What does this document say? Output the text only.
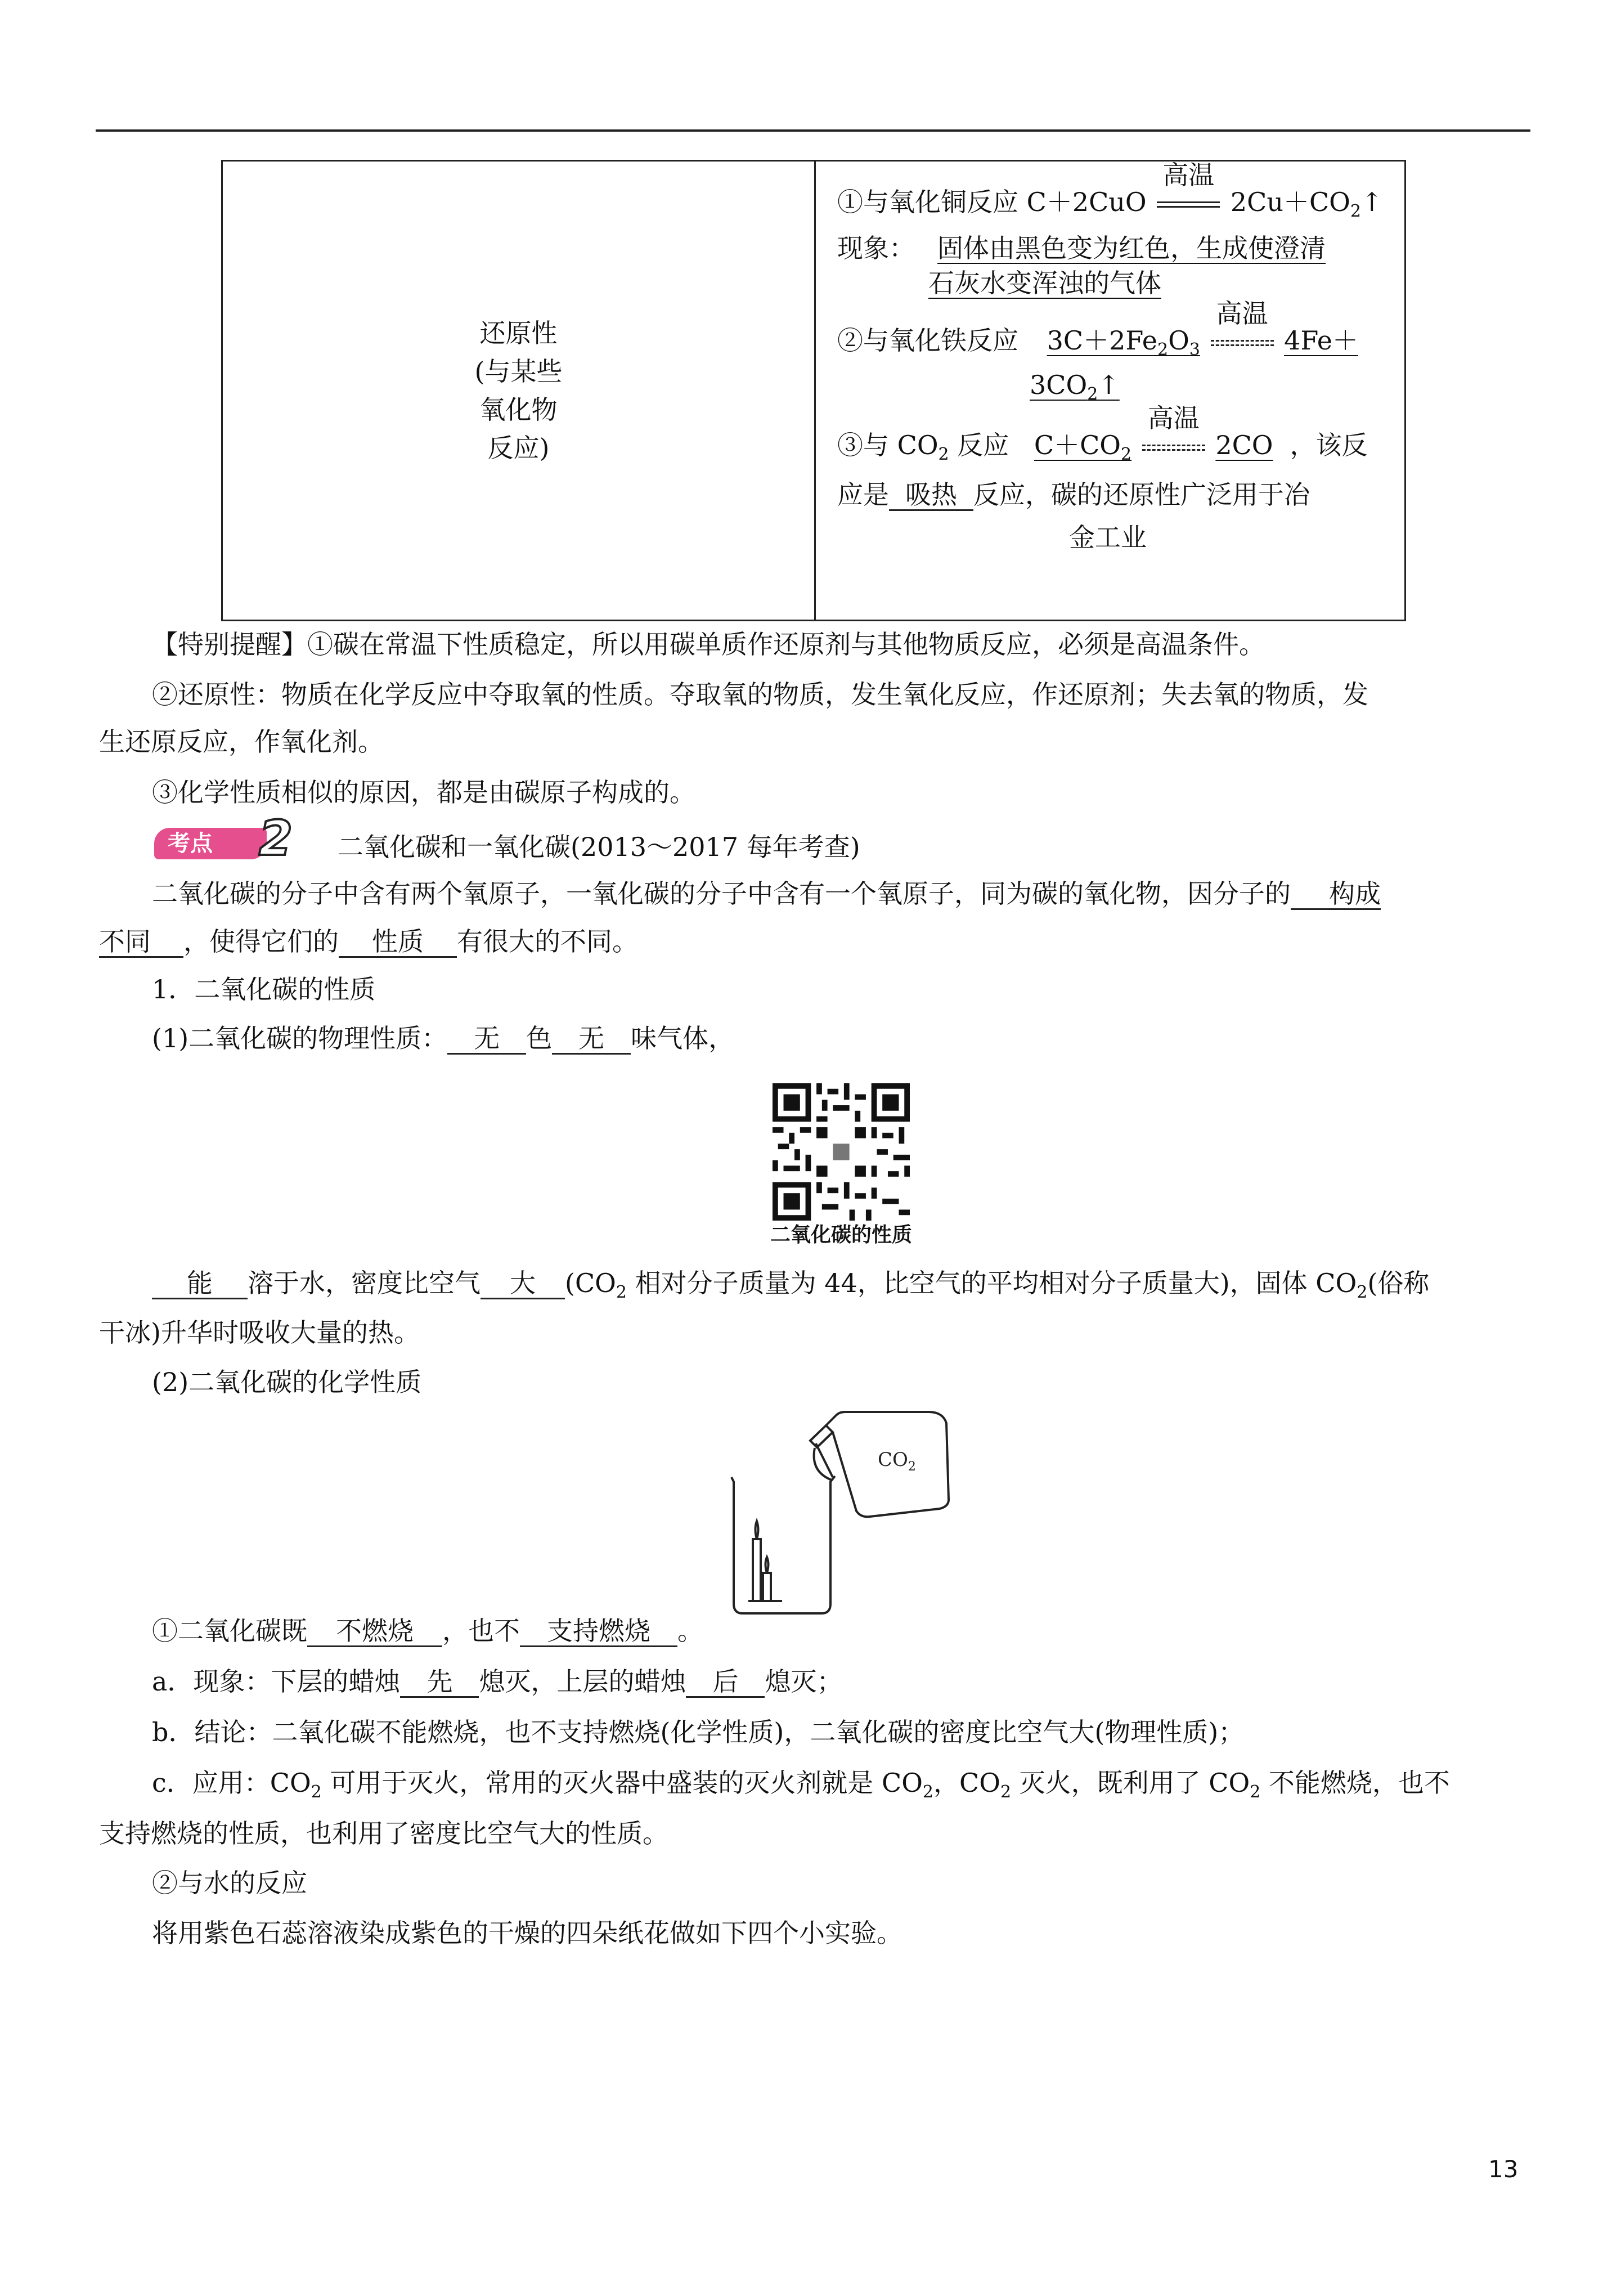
还原性
(与某些
氧化物
反应)
①与氧化铜反应 C＋2CuO
高温
$2Cu+CO_2↑$
现象： 固体由黑色变为红色，生成使澄清
石灰水变浑浊的气体
②与氧化铁反应 $3C+2Fe_2O_3$
高温
4Fe＋
$3CO_2↑$
③与 $CO_2$ 反应 $C+CO_2$
高温
2CO ，该反
应是 吸热 反应，碳的还原性广泛用于冶
金工业
【特别提醒】①碳在常温下性质稳定，所以用碳单质作还原剂与其他物质反应，必须是高温条件。
②还原性：物质在化学反应中夺取氧的性质。夺取氧的物质，发生氧化反应，作还原剂；失去氧的物质，发
生还原反应，作氧化剂。
③化学性质相似的原因，都是由碳原子构成的。
考点 2 二氧化碳和一氧化碳(2013～2017 每年考查)
二氧化碳的分子中含有两个氧原子，一氧化碳的分子中含有一个氧原子，同为碳的氧化物，因分子的 构成
不同 ，使得它们的 性质 有很大的不同。
1．二氧化碳的性质
(1)二氧化碳的物理性质： 无 色 无 味气体，
二氧化碳的性质
能 溶于水，密度比空气 大 ($CO_2$ 相对分子质量为 44，比空气的平均相对分子质量大)，固体 $CO_2$(俗称
干冰)升华时吸收大量的热。
(2)二氧化碳的化学性质
$CO_2$
①二氧化碳既 不燃烧 ，也不 支持燃烧 。
a．现象：下层的蜡烛 先 熄灭，上层的蜡烛 后 熄灭；
b．结论：二氧化碳不能燃烧，也不支持燃烧(化学性质)，二氧化碳的密度比空气大(物理性质)；
c．应用：$CO_2$ 可用于灭火，常用的灭火器中盛装的灭火剂就是 $CO_2$，$CO_2$ 灭火，既利用了 $CO_2$ 不能燃烧，也不
支持燃烧的性质，也利用了密度比空气大的性质。
②与水的反应
将用紫色石蕊溶液染成紫色的干燥的四朵纸花做如下四个小实验。
13
